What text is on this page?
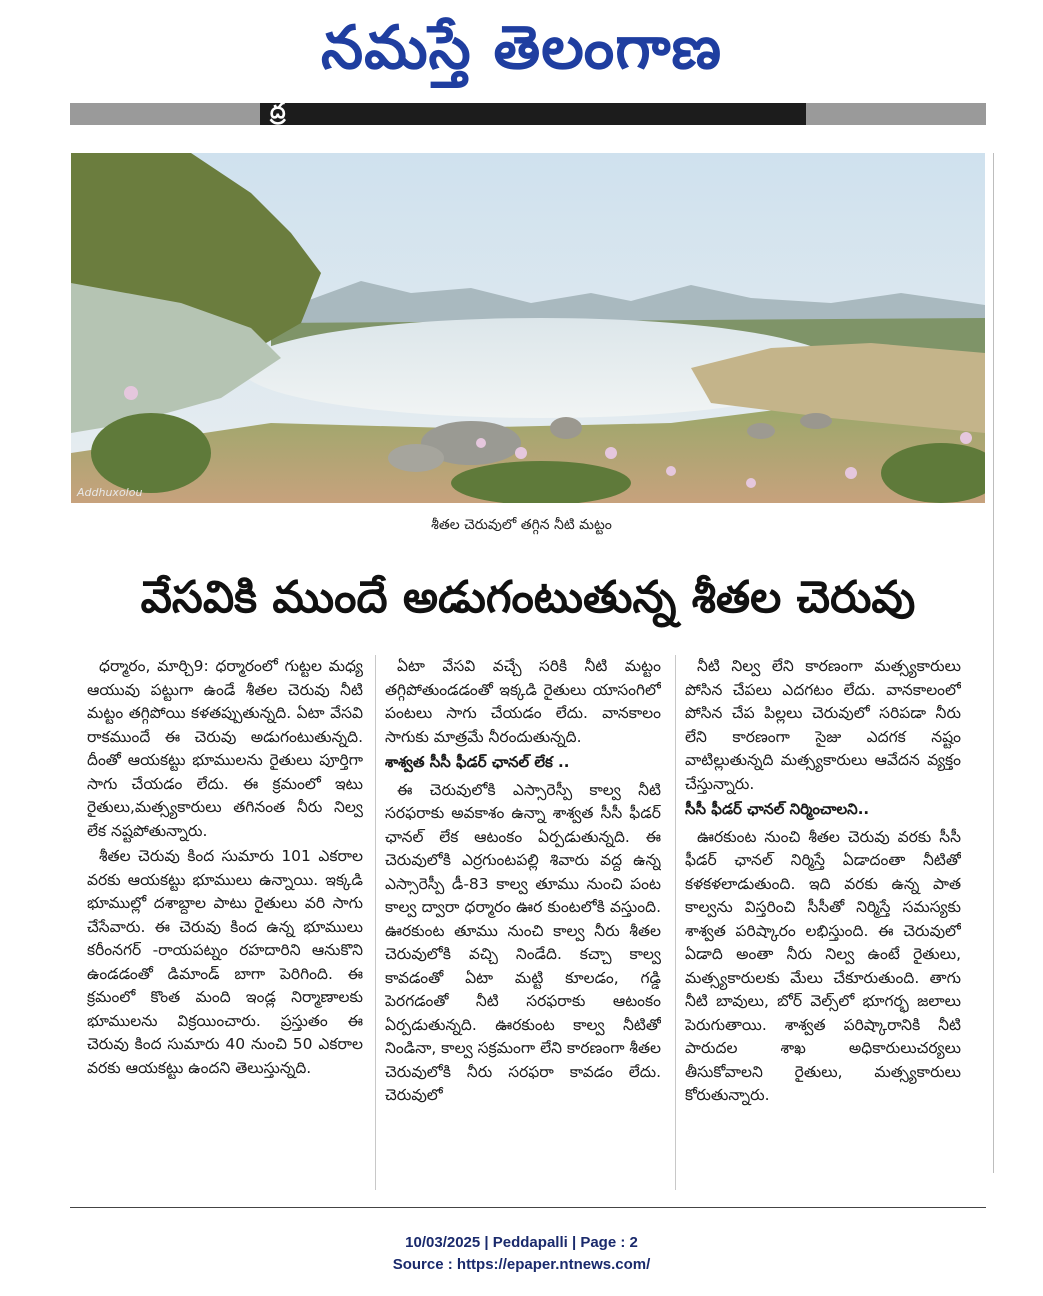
నమస్తే తెలంగాణ
ద్ర
Addhuxolou
శీతల చెరువులో తగ్గిన నీటి మట్టం
వేసవికి ముందే అడుగంటుతున్న శీతల చెరువు

ధర్మారం, మార్చి9: ధర్మారంలో గుట్టల మధ్య ఆయువు పట్టుగా ఉండే శీతల చెరువు నీటి మట్టం తగ్గిపోయి కళతప్పుతున్నది. ఏటా వేసవి రాకముందే ఈ చెరువు అడుగంటుతున్నది. దీంతో ఆయకట్టు భూములను రైతులు పూర్తిగా సాగు చేయడం లేదు. ఈ క్రమంలో ఇటు రైతులు,మత్స్యకారులు తగినంత నీరు నిల్వ లేక నష్టపోతున్నారు.

శీతల చెరువు కింద సుమారు 101 ఎకరాల వరకు ఆయకట్టు భూములు ఉన్నాయి. ఇక్కడి భూముల్లో దశాబ్దాల పాటు రైతులు వరి సాగు చేసేవారు. ఈ చెరువు కింద ఉన్న భూములు కరీంనగర్ -రాయపట్నం రహదారిని ఆనుకొని ఉండడంతో డిమాండ్ బాగా పెరిగింది. ఈ క్రమంలో కొంత మంది ఇండ్ల నిర్మాణాలకు భూములను విక్రయించారు. ప్రస్తుతం ఈ చెరువు కింద సుమారు 40 నుంచి 50 ఎకరాల వరకు ఆయకట్టు ఉందని తెలుస్తున్నది.

ఏటా వేసవి వచ్చే సరికి నీటి మట్టం తగ్గిపోతుండడంతో ఇక్కడి రైతులు యాసంగిలో పంటలు సాగు చేయడం లేదు. వానకాలం సాగుకు మాత్రమే నీరందుతున్నది.

శాశ్వత సీసీ ఫీడర్ ఛానల్ లేక ..

ఈ చెరువులోకి ఎస్సారెస్పీ కాల్వ నీటి సరఫరాకు అవకాశం ఉన్నా శాశ్వత సీసీ ఫీడర్ ఛానల్ లేక ఆటంకం ఏర్పడుతున్నది. ఈ చెరువులోకి ఎర్రగుంటపల్లి శివారు వద్ద ఉన్న ఎస్సారెస్పీ డీ-83 కాల్వ తూము నుంచి పంట కాల్వ ద్వారా ధర్మారం ఊర కుంటలోకి వస్తుంది. ఊరకుంట తూము నుంచి కాల్వ నీరు శీతల చెరువులోకి వచ్చి నిండేది. కచ్చా కాల్వ కావడంతో ఏటా మట్టి కూలడం, గడ్డి పెరగడంతో నీటి సరఫరాకు ఆటంకం ఏర్పడుతున్నది. ఊరకుంట కాల్వ నీటితో నిండినా, కాల్వ సక్రమంగా లేని కారణంగా శీతల చెరువులోకి నీరు సరఫరా కావడం లేదు. చెరువులో

నీటి నిల్వ లేని కారణంగా మత్స్యకారులు పోసిన చేపలు ఎదగటం లేదు. వానకాలంలో పోసిన చేప పిల్లలు చెరువులో సరిపడా నీరు లేని కారణంగా సైజు ఎదగక నష్టం వాటిల్లుతున్నది మత్స్యకారులు ఆవేదన వ్యక్తం చేస్తున్నారు.

సీసీ ఫీడర్ ఛానల్ నిర్మించాలని..

ఊరకుంట నుంచి శీతల చెరువు వరకు సీసీ ఫీడర్ ఛానల్ నిర్మిస్తే ఏడాదంతా నీటితో కళకళలాడుతుంది. ఇది వరకు ఉన్న పాత కాల్వను విస్తరించి సీసీతో నిర్మిస్తే సమస్యకు శాశ్వత పరిష్కారం లభిస్తుంది. ఈ చెరువులో ఏడాది అంతా నీరు నిల్వ ఉంటే రైతులు, మత్స్యకారులకు మేలు చేకూరుతుంది. తాగు నీటి బావులు, బోర్ వెల్స్‌లో భూగర్భ జలాలు పెరుగుతాయి. శాశ్వత పరిష్కారానికి నీటి పారుదల శాఖ అధికారులుచర్యలు తీసుకోవాలని రైతులు, మత్స్యకారులు కోరుతున్నారు.

10/03/2025 | Peddapalli | Page : 2
Source : https://epaper.ntnews.com/
